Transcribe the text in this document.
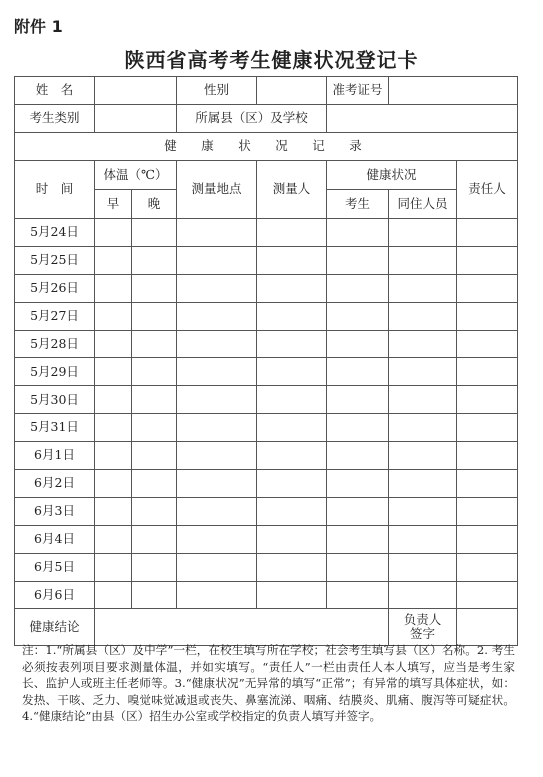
附件 1
陕西省高考考生健康状况登记卡
姓　名			性别		准考证号		
考生类别			所属县（区）及学校				
健　康　状　况　记　录							
时　间	体温（℃）		测量地点	测量人	健康状况		责任人
	早	晚			考生	同住人员	
5月24日							
5月25日							
5月26日							
5月27日							
5月28日							
5月29日							
5月30日							
5月31日							
6月1日							
6月2日							
6月3日							
6月4日							
6月5日							
6月6日							
健康结论						负责人
签字	
注：1.“所属县（区）及中学”一栏，在校生填写所在学校；社会考生填写县（区）名称。2. 考生必须按表列项目要求测量体温，并如实填写。“责任人”一栏由责任人本人填写，应当是考生家长、监护人或班主任老师等。3.“健康状况”无异常的填写“正常”；有异常的填写具体症状，如：发热、干咳、乏力、嗅觉味觉减退或丧失、鼻塞流涕、咽痛、结膜炎、肌痛、腹泻等可疑症状。4.“健康结论”由县（区）招生办公室或学校指定的负责人填写并签字。
